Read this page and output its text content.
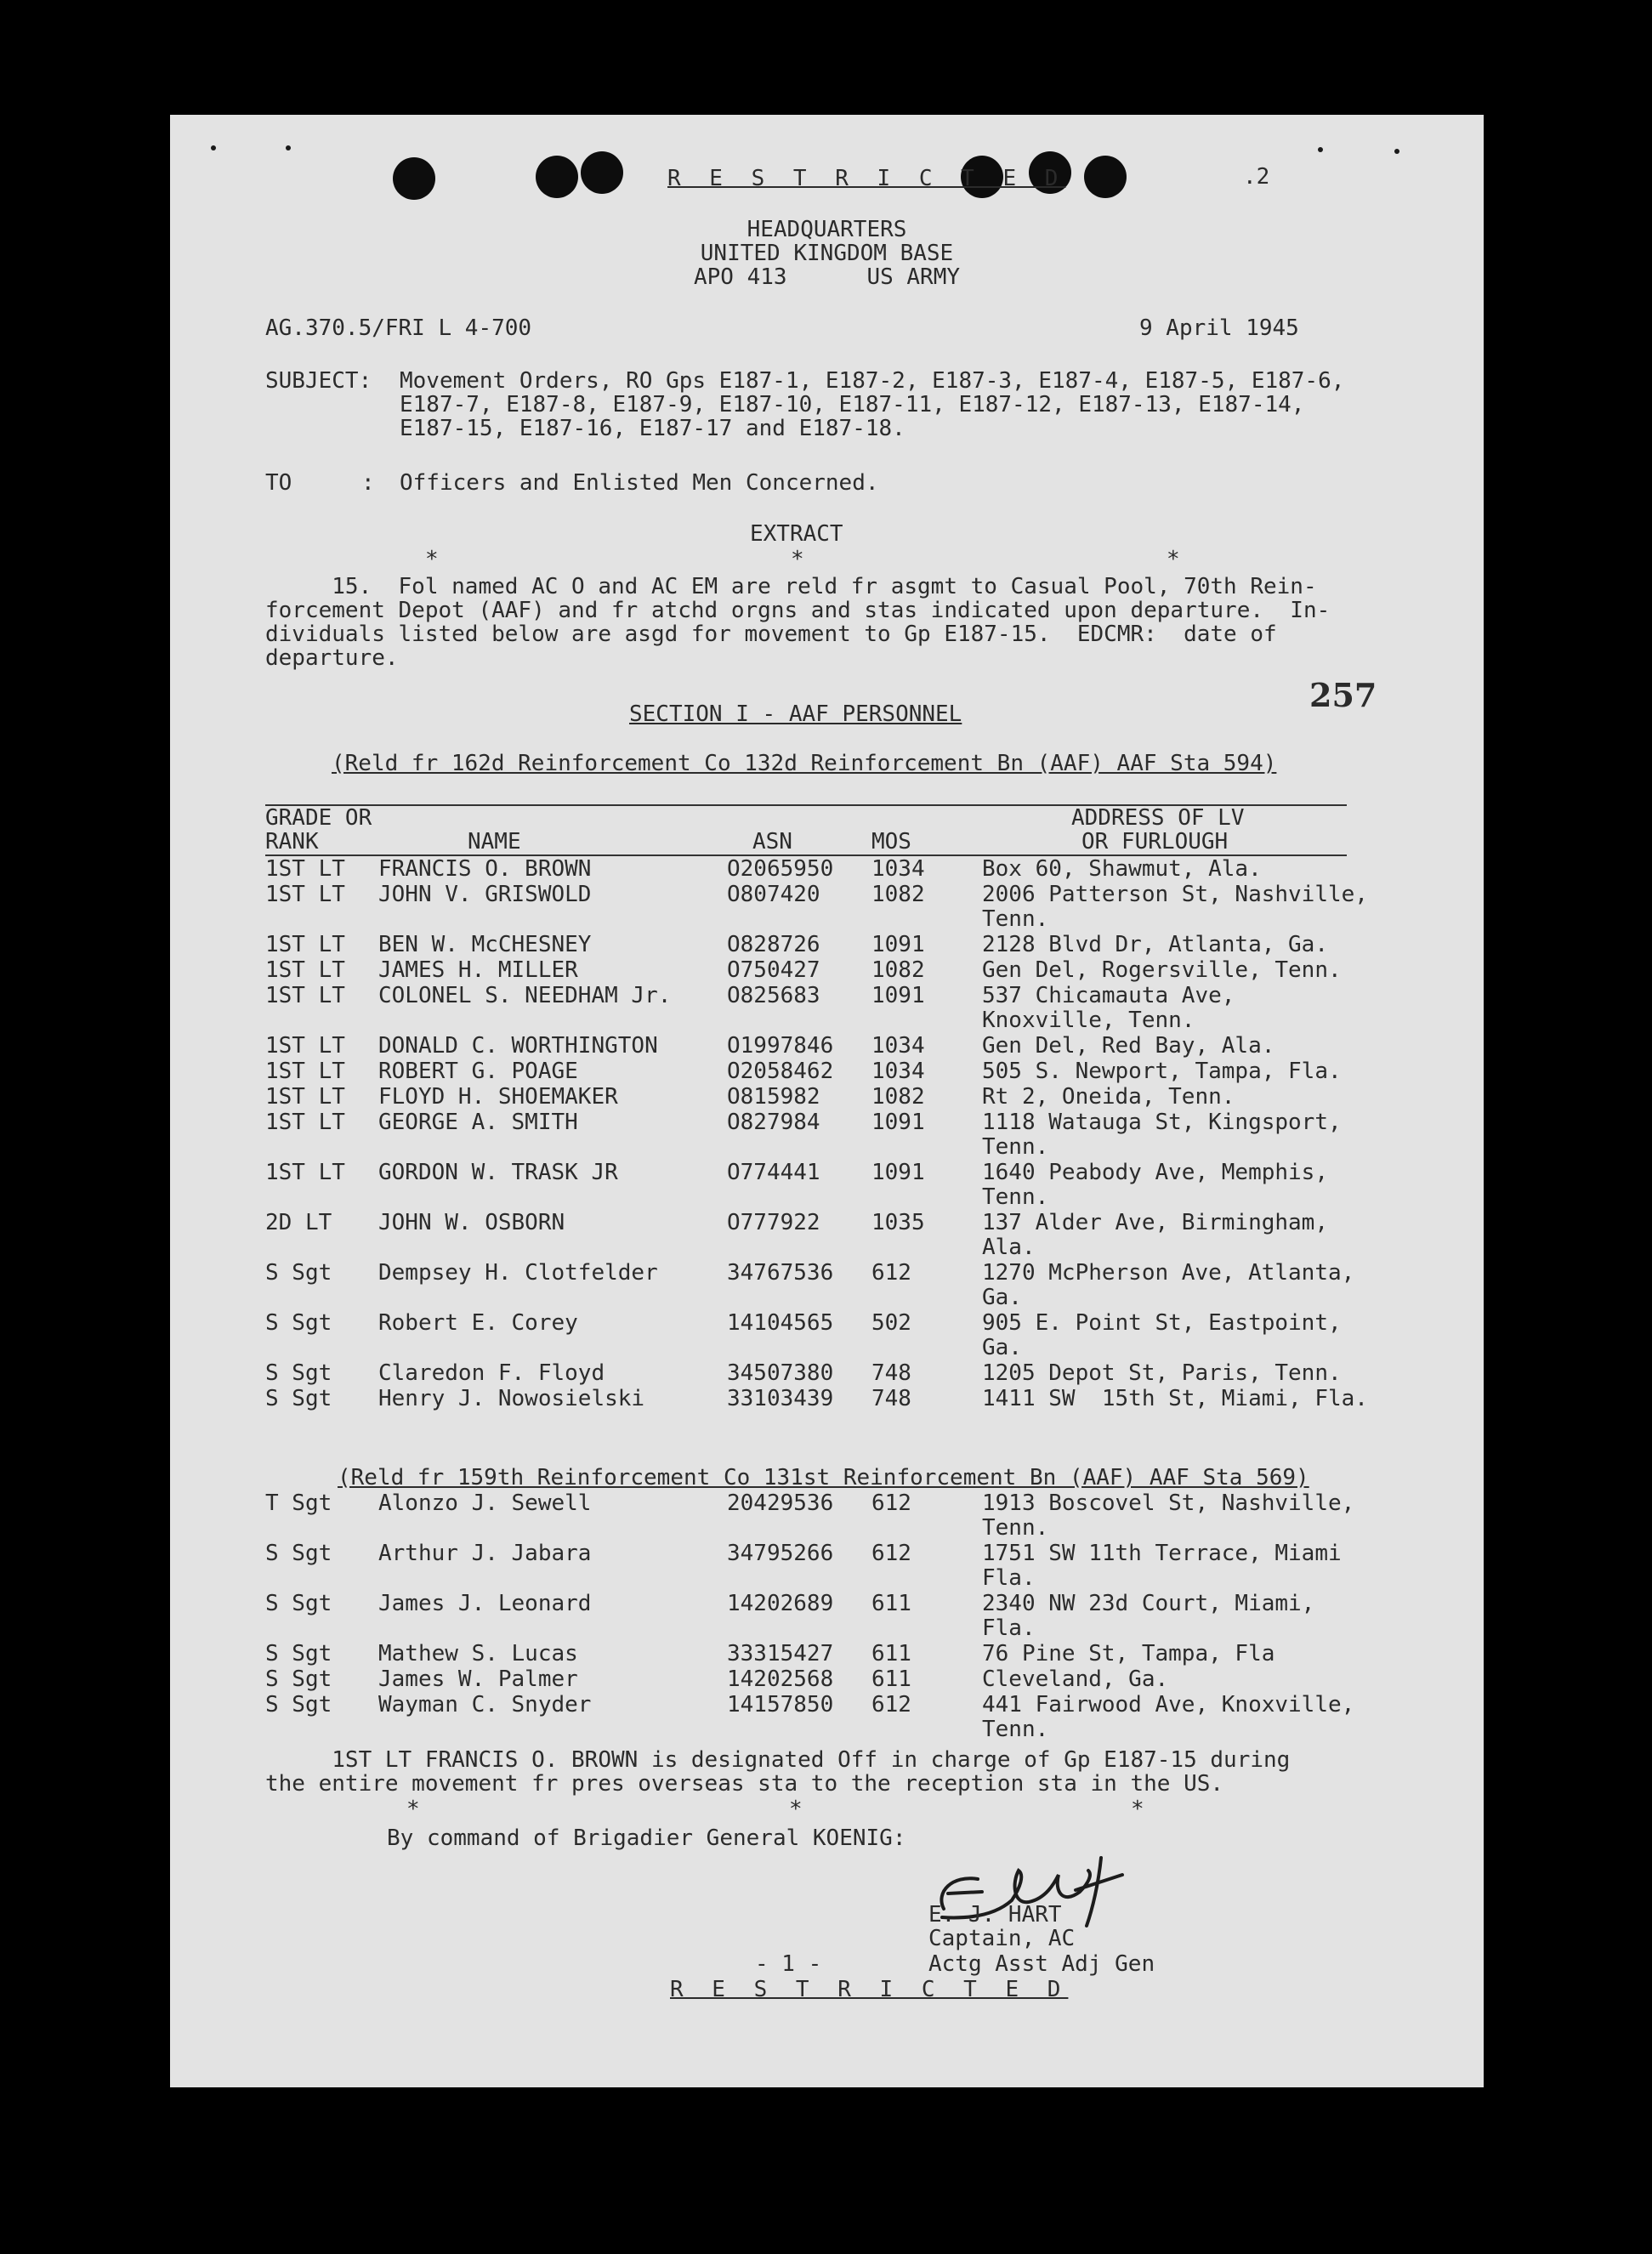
R E S T R I C T E D	.2
HEADQUARTERS
UNITED KINGDOM BASE
APO 413      US ARMY
AG.370.5/FRI L 4-700	9 April 1945
SUBJECT: Movement Orders, RO Gps E187-1, E187-2, E187-3, E187-4, E187-5, E187-6,
E187-7, E187-8, E187-9, E187-10, E187-11, E187-12, E187-13, E187-14,
E187-15, E187-16, E187-17 and E187-18.
TO	: Officers and Enlisted Men Concerned.
EXTRACT
*	*	*
15.  Fol named AC O and AC EM are reld fr asgmt to Casual Pool, 70th Rein-
forcement Depot (AAF) and fr atchd orgns and stas indicated upon departure.  In-
dividuals listed below are asgd for movement to Gp E187-15.  EDCMR:  date of
departure.
257
SECTION I - AAF PERSONNEL
(Reld fr 162d Reinforcement Co 132d Reinforcement Bn (AAF) AAF Sta 594)
GRADE OR
RANK	NAME	ASN	MOS
ADDRESS OF LV
OR FURLOUGH
(Reld fr 159th Reinforcement Co 131st Reinforcement Bn (AAF) AAF Sta 569)
1ST LT FRANCIS O. BROWN is designated Off in charge of Gp E187-15 during
the entire movement fr pres overseas sta to the reception sta in the US.
*	*	*
By command of Brigadier General KOENIG:
E. J. HART
Captain, AC
Actg Asst Adj Gen
- 1 -
R E S T R I C T E D
1ST LT FRANCIS O. BROWN	O2065950 1034	Box 60, Shawmut, Ala.
1ST LT JOHN V. GRISWOLD	O807420 1082	2006 Patterson St, Nashville,
Tenn.
1ST LT BEN W. McCHESNEY	O828726 1091	2128 Blvd Dr, Atlanta, Ga.
1ST LT JAMES H. MILLER	O750427 1082	Gen Del, Rogersville, Tenn.
1ST LT COLONEL S. NEEDHAM Jr.	O825683 1091	537 Chicamauta Ave,
Knoxville, Tenn.
1ST LT DONALD C. WORTHINGTON	O1997846 1034	Gen Del, Red Bay, Ala.
1ST LT ROBERT G. POAGE	O2058462 1034	505 S. Newport, Tampa, Fla.
1ST LT FLOYD H. SHOEMAKER	O815982 1082	Rt 2, Oneida, Tenn.
1ST LT GEORGE A. SMITH	O827984 1091	1118 Watauga St, Kingsport,
Tenn.
1ST LT GORDON W. TRASK JR	O774441 1091	1640 Peabody Ave, Memphis,
Tenn.
2D LT JOHN W. OSBORN	O777922 1035	137 Alder Ave, Birmingham,
Ala.
S Sgt Dempsey H. Clotfelder	34767536 612	1270 McPherson Ave, Atlanta,
Ga.
S Sgt Robert E. Corey	14104565 502	905 E. Point St, Eastpoint,
Ga.
S Sgt Claredon F. Floyd	34507380 748	1205 Depot St, Paris, Tenn.
S Sgt Henry J. Nowosielski	33103439 748	1411 SW  15th St, Miami, Fla.
T Sgt Alonzo J. Sewell	20429536 612	1913 Boscovel St, Nashville,
Tenn.
S Sgt Arthur J. Jabara	34795266 612	1751 SW 11th Terrace, Miami
Fla.
S Sgt James J. Leonard	14202689 611	2340 NW 23d Court, Miami,
Fla.
S Sgt Mathew S. Lucas	33315427 611	76 Pine St, Tampa, Fla
S Sgt James W. Palmer	14202568 611	Cleveland, Ga.
S Sgt Wayman C. Snyder	14157850 612	441 Fairwood Ave, Knoxville,
Tenn.
